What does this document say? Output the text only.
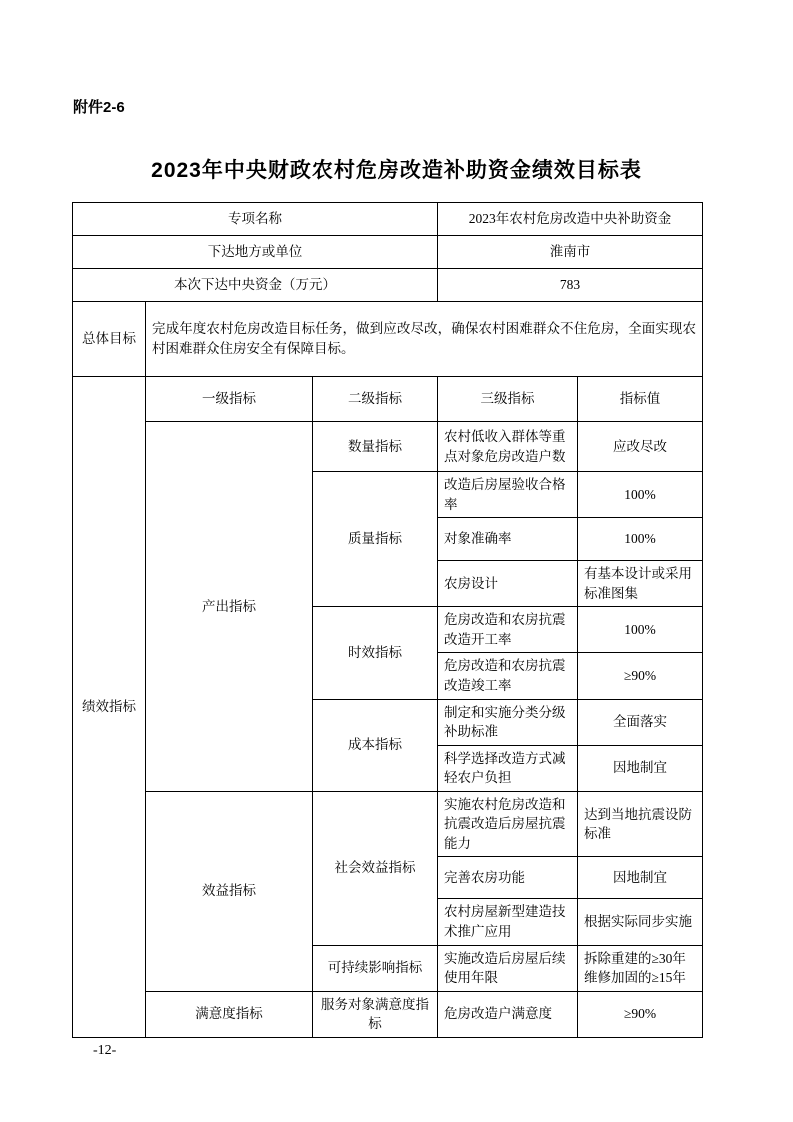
附件2-6
2023年中央财政农村危房改造补助资金绩效目标表
专项名称			2023年农村危房改造中央补助资金	
下达地方或单位			淮南市	
本次下达中央资金（万元）			783	
总体目标	完成年度农村危房改造目标任务，做到应改尽改，确保农村困难群众不住危房，全面实现农村困难群众住房安全有保障目标。			
绩效指标	一级指标	二级指标	三级指标	指标值
	产出指标	数量指标	农村低收入群体等重点对象危房改造户数	应改尽改
		质量指标	改造后房屋验收合格率	100%
			对象准确率	100%
			农房设计	有基本设计或采用标准图集
		时效指标	危房改造和农房抗震改造开工率	100%
			危房改造和农房抗震改造竣工率	≥90%
		成本指标	制定和实施分类分级补助标准	全面落实
			科学选择改造方式减轻农户负担	因地制宜
	效益指标	社会效益指标	实施农村危房改造和抗震改造后房屋抗震能力	达到当地抗震设防标准
			完善农房功能	因地制宜
			农村房屋新型建造技术推广应用	根据实际同步实施
		可持续影响指标	实施改造后房屋后续使用年限	拆除重建的≥30年维修加固的≥15年
	满意度指标	服务对象满意度指标	危房改造户满意度	≥90%
-12-
